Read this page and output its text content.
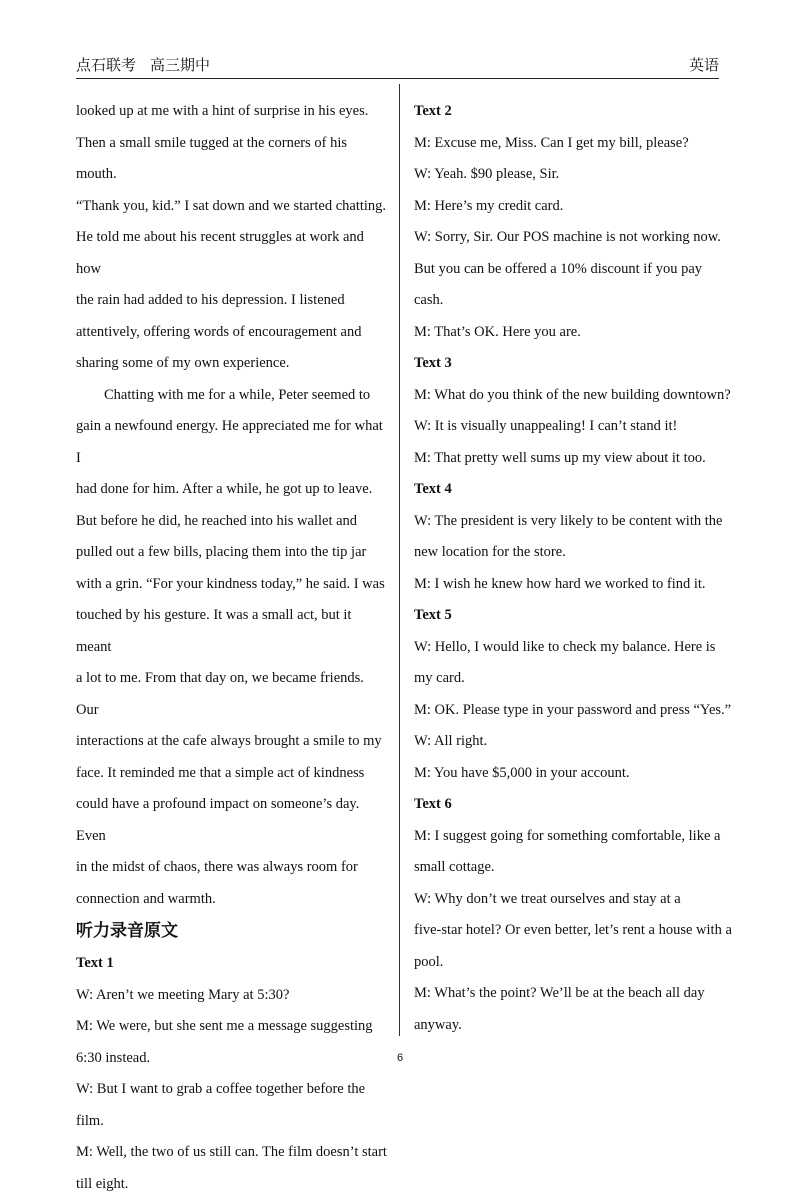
点石联考 高三期中	英语

looked up at me with a hint of surprise in his eyes.

Then a small smile tugged at the corners of his mouth.

“Thank you, kid.” I sat down and we started chatting.

He told me about his recent struggles at work and how

the rain had added to his depression. I listened

attentively, offering words of encouragement and

sharing some of my own experience.

Chatting with me for a while, Peter seemed to

gain a newfound energy. He appreciated me for what I

had done for him. After a while, he got up to leave.

But before he did, he reached into his wallet and

pulled out a few bills, placing them into the tip jar

with a grin. “For your kindness today,” he said. I was

touched by his gesture. It was a small act, but it meant

a lot to me. From that day on, we became friends. Our

interactions at the cafe always brought a smile to my

face. It reminded me that a simple act of kindness

could have a profound impact on someone’s day. Even

in the midst of chaos, there was always room for

connection and warmth.

听力录音原文

Text 1

W: Aren’t we meeting Mary at 5:30?

M: We were, but she sent me a message suggesting

6:30 instead.

W: But I want to grab a coffee together before the

film.

M: Well, the two of us still can. The film doesn’t start

till eight.

Text 2

M: Excuse me, Miss. Can I get my bill, please?

W: Yeah. $90 please, Sir.

M: Here’s my credit card.

W: Sorry, Sir. Our POS machine is not working now.

But you can be offered a 10% discount if you pay

cash.

M: That’s OK. Here you are.

Text 3

M: What do you think of the new building downtown?

W: It is visually unappealing! I can’t stand it!

M: That pretty well sums up my view about it too.

Text 4

W: The president is very likely to be content with the

new location for the store.

M: I wish he knew how hard we worked to find it.

Text 5

W: Hello, I would like to check my balance. Here is

my card.

M: OK. Please type in your password and press “Yes.”

W: All right.

M: You have $5,000 in your account.

Text 6

M: I suggest going for something comfortable, like a

small cottage.

W: Why don’t we treat ourselves and stay at a

five-star hotel? Or even better, let’s rent a house with a

pool.

M: What’s the point? We’ll be at the beach all day

anyway.

6
